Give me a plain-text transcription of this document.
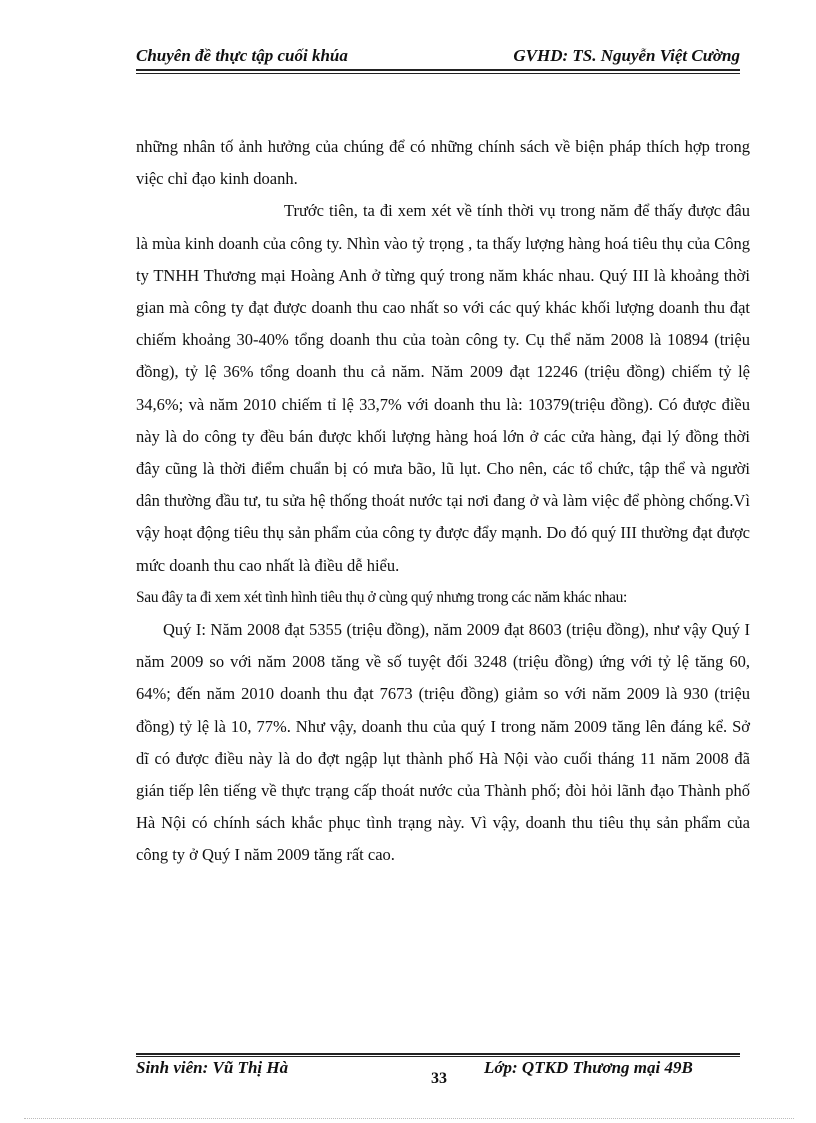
Chuyên đề thực tập cuối khúa	GVHD: TS. Nguyễn Việt Cường

những nhân tố ảnh hưởng của chúng để có những chính sách về biện pháp thích hợp trong việc chỉ đạo kinh doanh.

Trước tiên, ta đi xem xét về tính thời vụ trong năm để thấy được đâu là mùa kinh doanh của công ty. Nhìn vào tỷ trọng , ta thấy lượng hàng hoá tiêu thụ của Công ty TNHH Thương mại Hoàng Anh ở từng quý trong năm khác nhau. Quý III là khoảng thời gian mà công ty đạt được doanh thu cao nhất so với các quý khác khối lượng doanh thu đạt chiếm khoảng 30-40% tổng doanh thu của toàn công ty. Cụ thể năm 2008 là 10894 (triệu đồng), tỷ lệ 36% tổng doanh thu cả năm. Năm 2009 đạt 12246 (triệu đồng) chiếm tỷ lệ 34,6%; và năm 2010 chiếm tỉ lệ 33,7% với doanh thu là: 10379(triệu đồng). Có được điều này là do công ty đều bán được khối lượng hàng hoá lớn ở các cửa hàng, đại lý đồng thời đây cũng là thời điểm chuẩn bị có mưa bão, lũ lụt. Cho nên, các tổ chức, tập thể và người dân thường đầu tư, tu sửa hệ thống thoát nước tại nơi đang ở và làm việc để phòng chống.Vì vậy hoạt động tiêu thụ sản phẩm của công ty được đẩy mạnh. Do đó quý III thường đạt được mức doanh thu cao nhất là điều dễ hiểu.

Sau đây ta đi xem xét tình hình tiêu thụ ở cùng quý nhưng trong các năm khác nhau:

Quý I: Năm 2008 đạt 5355 (triệu đồng), năm 2009 đạt 8603 (triệu đồng), như vậy Quý I năm 2009 so với năm 2008 tăng về số tuyệt đối 3248 (triệu đồng) ứng với tỷ lệ tăng 60, 64%; đến năm 2010 doanh thu đạt 7673 (triệu đồng) giảm so với năm 2009 là 930 (triệu đồng) tỷ lệ là 10, 77%. Như vậy, doanh thu của quý I trong năm 2009 tăng lên đáng kể. Sở dĩ có được điều này là do đợt ngập lụt thành phố Hà Nội vào cuối tháng 11 năm 2008 đã gián tiếp lên tiếng về thực trạng cấp thoát nước của Thành phố; đòi hỏi lãnh đạo Thành phố Hà Nội có chính sách khắc phục tình trạng này. Vì vậy, doanh thu tiêu thụ sản phẩm của công ty ở Quý I năm 2009 tăng rất cao.

Sinh viên: Vũ Thị Hà
33
Lớp: QTKD Thương mại 49B
